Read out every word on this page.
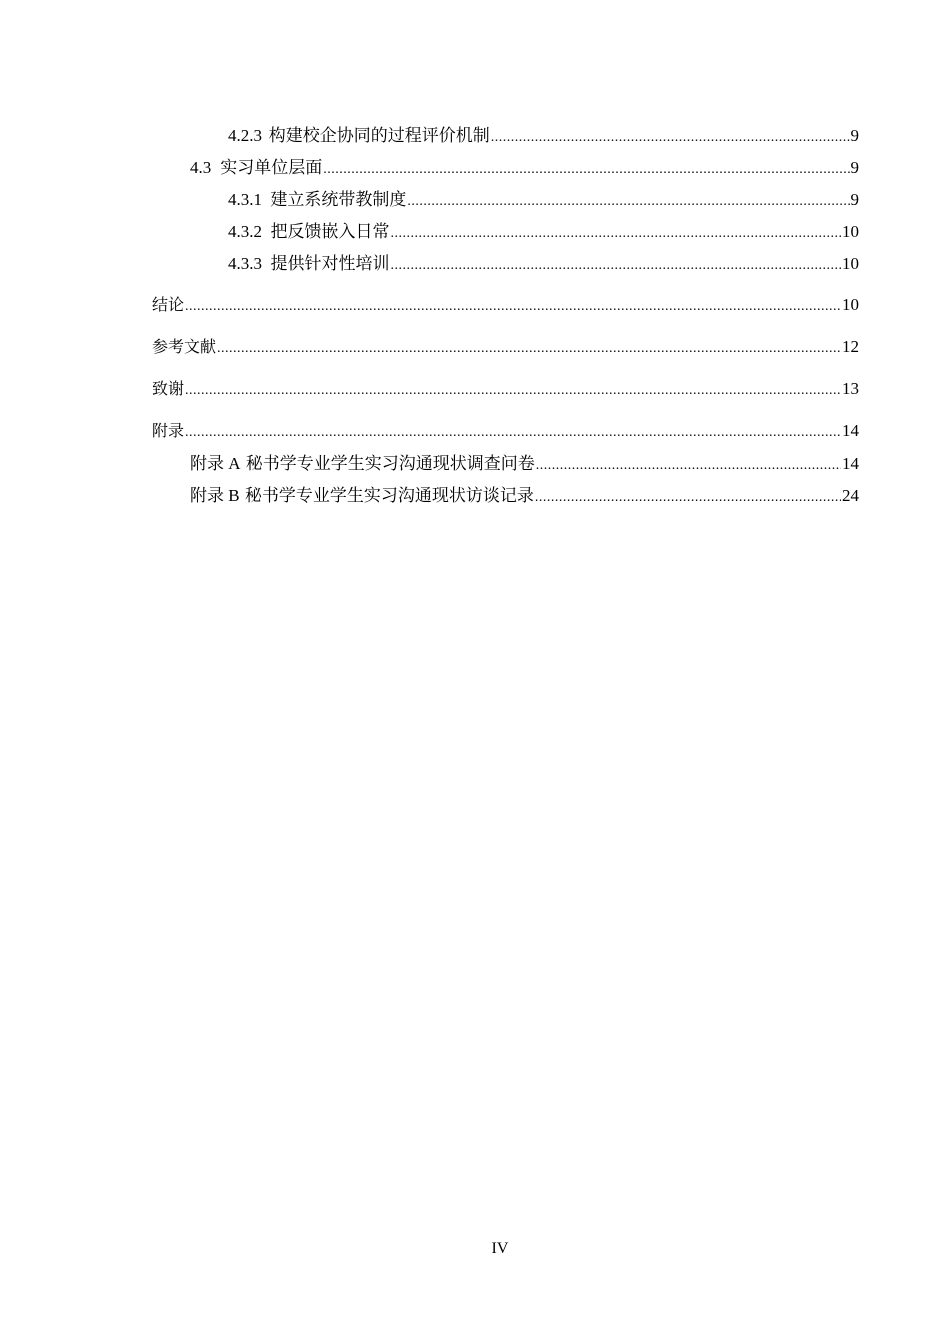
4.2.3 构建校企协同的过程评价机制 .....	9
4.3 实习单位层面 .....	9
4.3.1 建立系统带教制度 .....	9
4.3.2 把反馈嵌入日常 .....	10
4.3.3 提供针对性培训 .....	10
结论 .....	10
参考文献 .....	12
致谢 .....	13
附录 .....	14
附录 A 秘书学专业学生实习沟通现状调查问卷 .....	14
附录 B 秘书学专业学生实习沟通现状访谈记录 .....	24
IV
